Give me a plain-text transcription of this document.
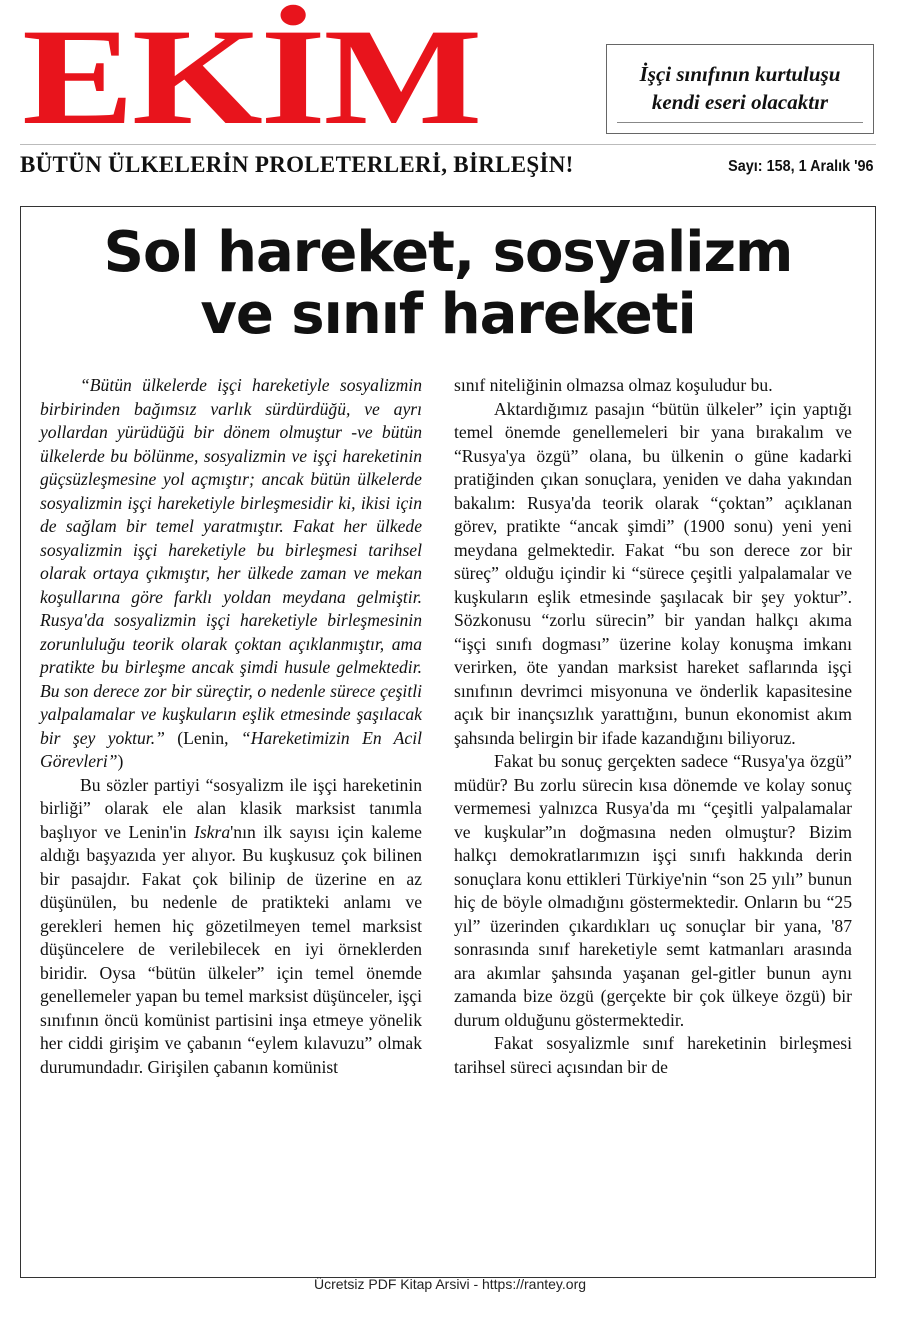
EKİM	İşçi sınıfının kurtuluşu
kendi eseri olacaktır
BÜTÜN ÜLKELERİN PROLETERLERİ, BİRLEŞİN!	Sayı: 158, 1 Aralık '96
Sol hareket, sosyalizm
ve sınıf hareketi

“Bütün ülkelerde işçi hareketiyle sosyalizmin birbirinden bağımsız varlık sürdürdüğü, ve ayrı yollardan yürüdüğü bir dönem olmuştur -ve bütün ülkelerde bu bölünme, sosyalizmin ve işçi hareketinin güçsüzleşmesine yol açmıştır; ancak bütün ülkelerde sosyalizmin işçi hareketiyle birleşmesidir ki, ikisi için de sağlam bir temel yaratmıştır. Fakat her ülkede sosyalizmin işçi hareketiyle bu birleşmesi tarihsel olarak ortaya çıkmıştır, her ülkede zaman ve mekan koşullarına göre farklı yoldan meydana gelmiştir. Rusya'da sosyalizmin işçi hareketiyle birleşmesinin zorunluluğu teorik olarak çoktan açıklanmıştır, ama pratikte bu birleşme ancak şimdi husule gelmektedir. Bu son derece zor bir süreçtir, o nedenle sürece çeşitli yalpalamalar ve kuşkuların eşlik etmesinde şaşılacak bir şey yoktur.” (Lenin, “Hareketimizin En Acil Görevleri”)

Bu sözler partiyi “sosyalizm ile işçi hareketinin birliği” olarak ele alan klasik marksist tanımla başlıyor ve Lenin'in Iskra'nın ilk sayısı için kaleme aldığı başyazıda yer alıyor. Bu kuşkusuz çok bilinen bir pasajdır. Fakat çok bilinip de üzerine en az düşünülen, bu nedenle de pratikteki anlamı ve gerekleri hemen hiç gözetilmeyen temel marksist düşüncelere de verilebilecek en iyi örneklerden biridir. Oysa “bütün ülkeler” için temel önemde genellemeler yapan bu temel marksist düşünceler, işçi sınıfının öncü komünist partisini inşa etmeye yönelik her ciddi girişim ve çabanın “eylem kılavuzu” olmak durumundadır. Girişilen çabanın komünist

sınıf niteliğinin olmazsa olmaz koşuludur bu.

Aktardığımız pasajın “bütün ülkeler” için yaptığı temel önemde genellemeleri bir yana bırakalım ve “Rusya'ya özgü” olana, bu ülkenin o güne kadarki pratiğinden çıkan sonuçlara, yeniden ve daha yakından bakalım: Rusya'da teorik olarak “çoktan” açıklanan görev, pratikte “ancak şimdi” (1900 sonu) yeni yeni meydana gelmektedir. Fakat “bu son derece zor bir süreç” olduğu içindir ki “sürece çeşitli yalpalamalar ve kuşkuların eşlik etmesinde şaşılacak bir şey yoktur”. Sözkonusu “zorlu sürecin” bir yandan halkçı akıma “işçi sınıfı dogması” üzerine kolay konuşma imkanı verirken, öte yandan marksist hareket saflarında işçi sınıfının devrimci misyonuna ve önderlik kapasitesine açık bir inançsızlık yarattığını, bunun ekonomist akım şahsında belirgin bir ifade kazandığını biliyoruz.

Fakat bu sonuç gerçekten sadece “Rusya'ya özgü” müdür? Bu zorlu sürecin kısa dönemde ve kolay sonuç vermemesi yalnızca Rusya'da mı “çeşitli yalpalamalar ve kuşkular”ın doğmasına neden olmuştur? Bizim halkçı demokratlarımızın işçi sınıfı hakkında derin sonuçlara konu ettikleri Türkiye'nin “son 25 yılı” bunun hiç de böyle olmadığını göstermektedir. Onların bu “25 yıl” üzerinden çıkardıkları uç sonuçlar bir yana, '87 sonrasında sınıf hareketiyle semt katmanları arasında ara akımlar şahsında yaşanan gel-gitler bunun aynı zamanda bize özgü (gerçekte bir çok ülkeye özgü) bir durum olduğunu göstermektedir.

Fakat sosyalizmle sınıf hareketinin birleşmesi tarihsel süreci açısından bir de

Ücretsiz PDF Kitap Arsivi - https://rantey.org
